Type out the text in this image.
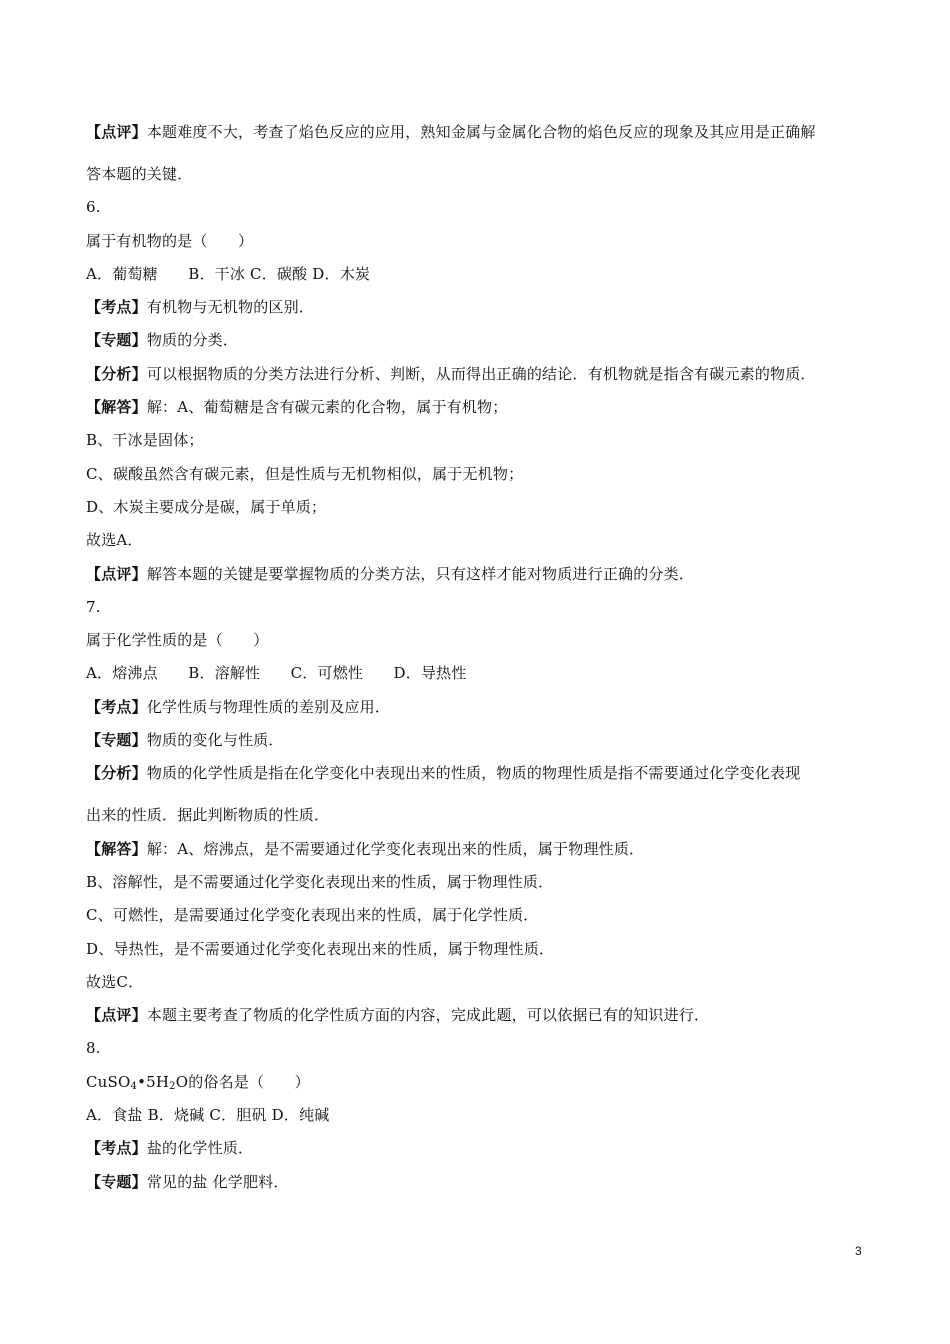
【点评】本题难度不大，考查了焰色反应的应用，熟知金属与金属化合物的焰色反应的现象及其应用是正确解
答本题的关键．
6.
属于有机物的是（　　）
A．葡萄糖　　B．干冰 C．碳酸 D．木炭
【考点】有机物与无机物的区别．
【专题】物质的分类．
【分析】可以根据物质的分类方法进行分析、判断，从而得出正确的结论．有机物就是指含有碳元素的物质．
【解答】解：A、葡萄糖是含有碳元素的化合物，属于有机物；
B、干冰是固体；
C、碳酸虽然含有碳元素，但是性质与无机物相似，属于无机物；
D、木炭主要成分是碳，属于单质；
故选A．
【点评】解答本题的关键是要掌握物质的分类方法，只有这样才能对物质进行正确的分类．
7.
属于化学性质的是（　　）
A．熔沸点　　B．溶解性　　C．可燃性　　D．导热性
【考点】化学性质与物理性质的差别及应用．
【专题】物质的变化与性质．
【分析】物质的化学性质是指在化学变化中表现出来的性质，物质的物理性质是指不需要通过化学变化表现
出来的性质．据此判断物质的性质．
【解答】解：A、熔沸点，是不需要通过化学变化表现出来的性质，属于物理性质．
B、溶解性，是不需要通过化学变化表现出来的性质，属于物理性质．
C、可燃性，是需要通过化学变化表现出来的性质，属于化学性质．
D、导热性，是不需要通过化学变化表现出来的性质，属于物理性质．
故选C．
【点评】本题主要考查了物质的化学性质方面的内容，完成此题，可以依据已有的知识进行．
8.
$CuSO_4•5H_2O$的俗名是（　　）
A．食盐 B．烧碱 C．胆矾 D．纯碱
【考点】盐的化学性质．
【专题】常见的盐 化学肥料．
3
